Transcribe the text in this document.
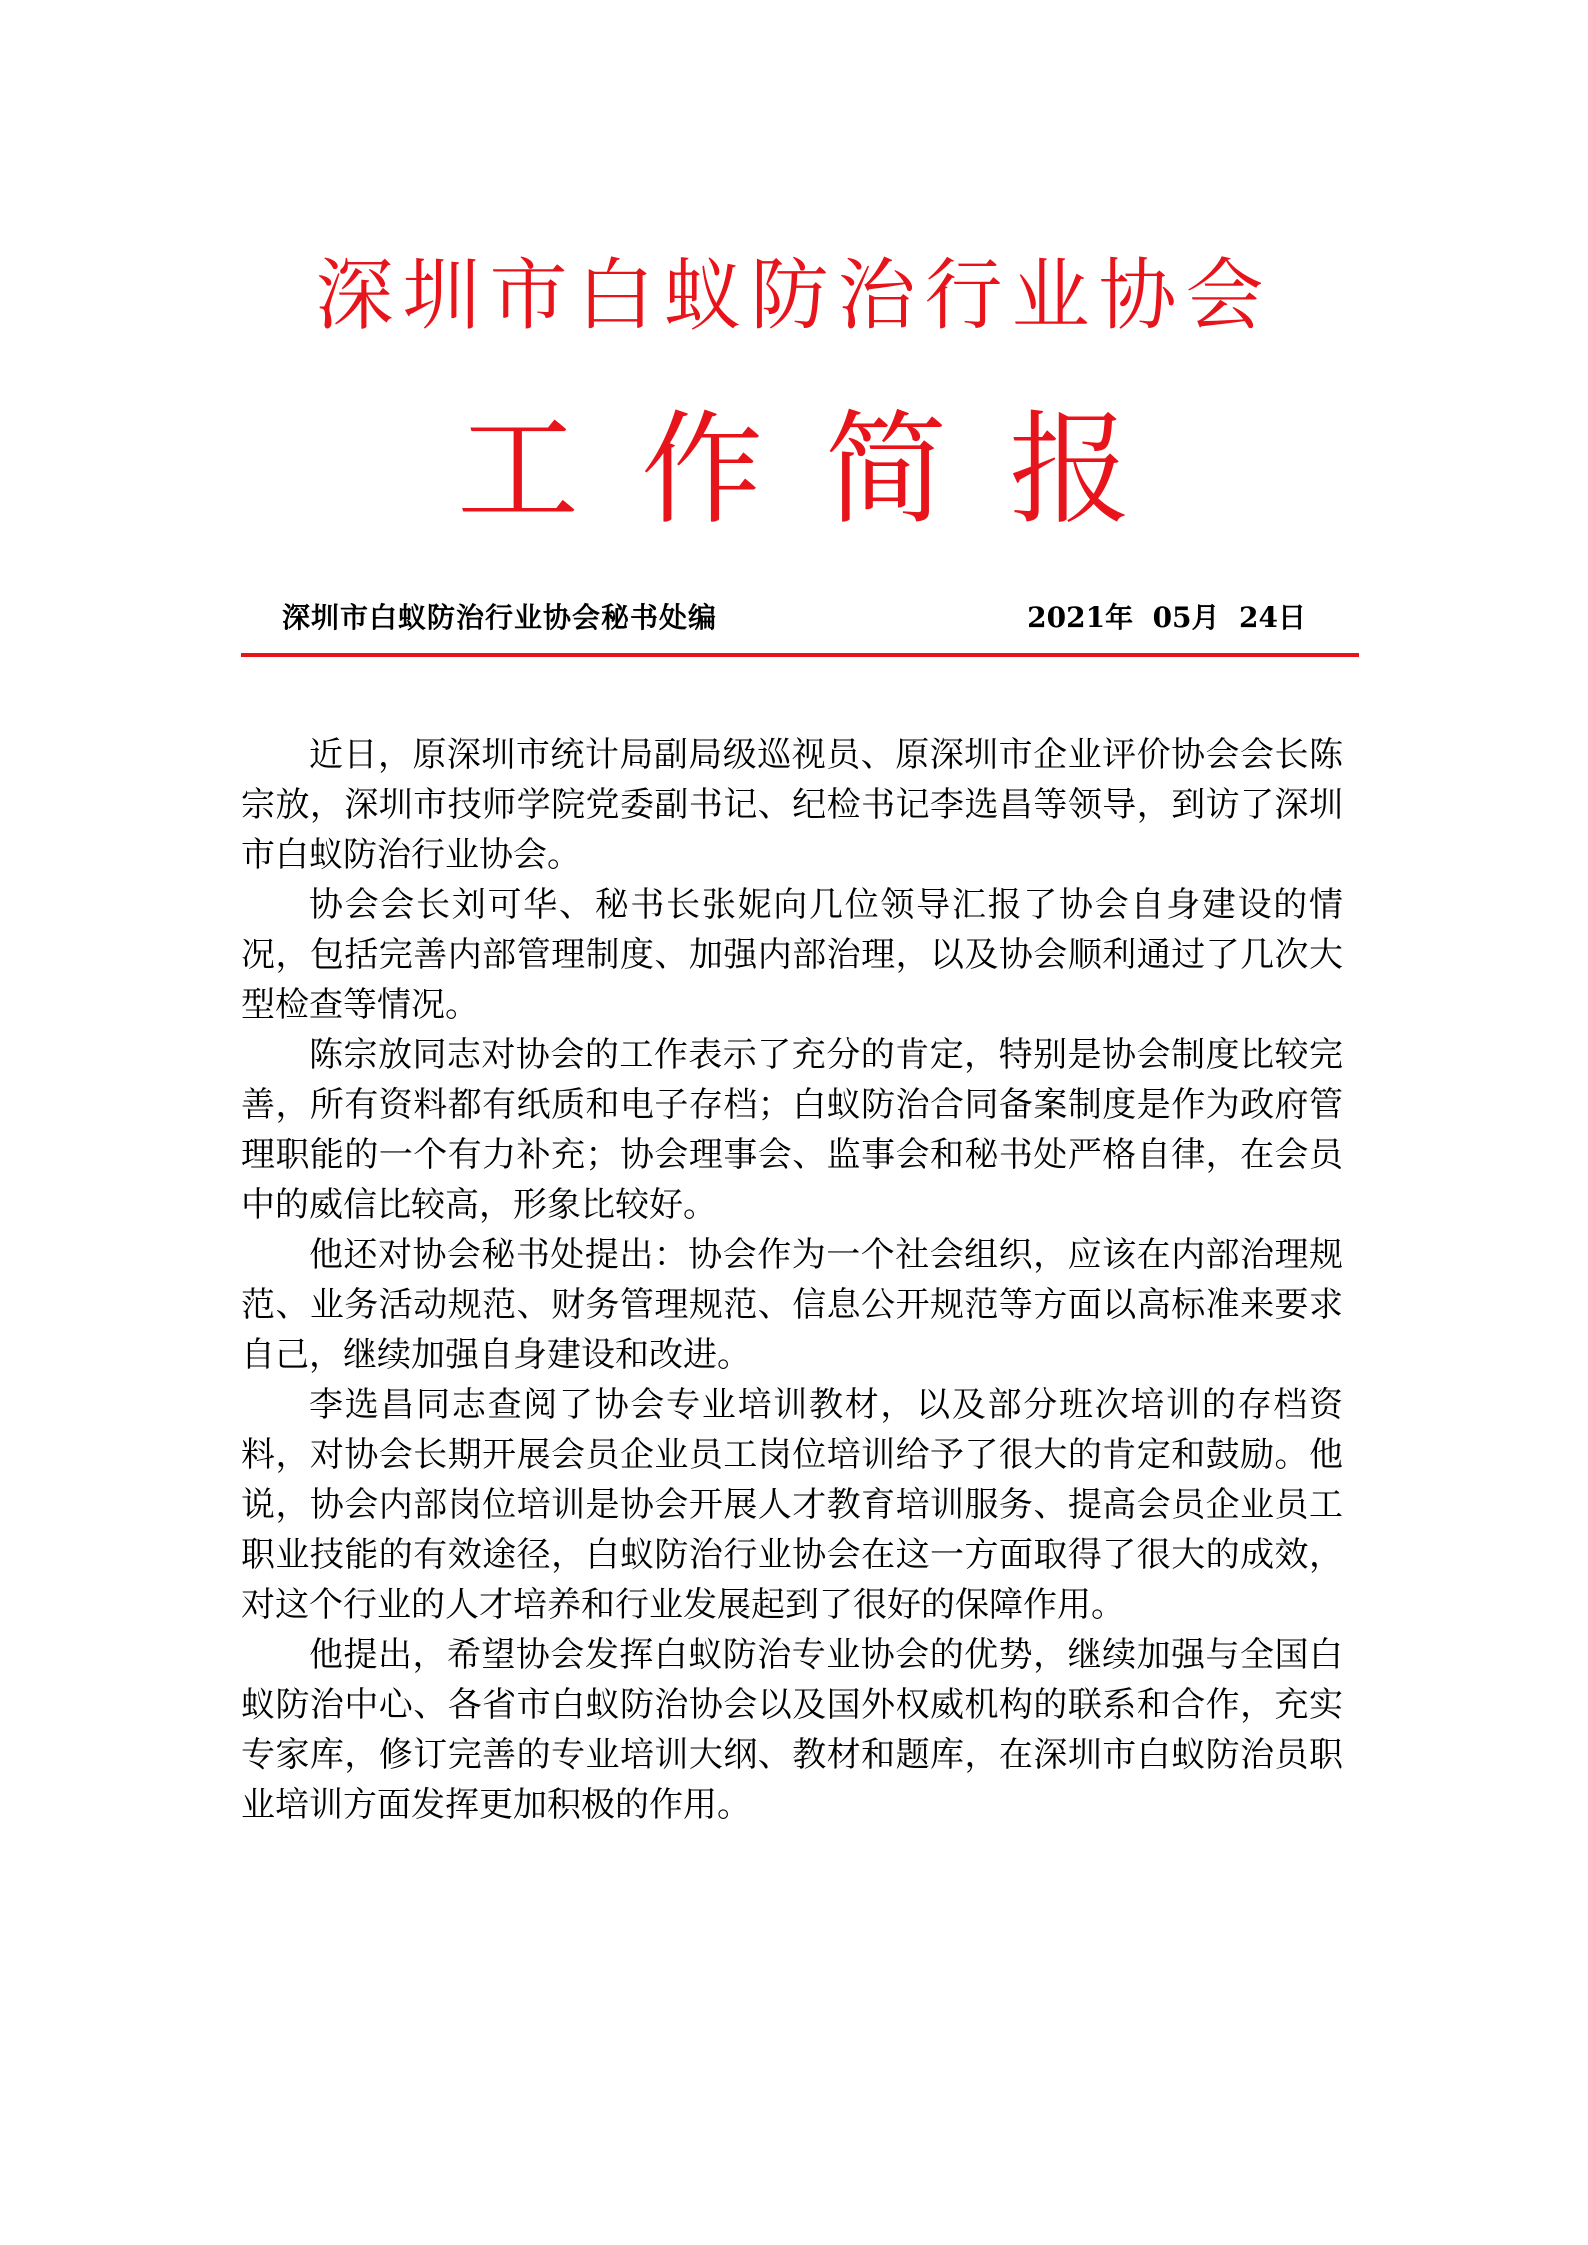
深圳市白蚁防治行业协会
工作简报
深圳市白蚁防治行业协会秘书处编	2021年  05月  24日

近日，原深圳市统计局副局级巡视员、原深圳市企业评价协会会长陈宗放，深圳市技师学院党委副书记、纪检书记李选昌等领导，到访了深圳市白蚁防治行业协会。

协会会长刘可华、秘书长张妮向几位领导汇报了协会自身建设的情况，包括完善内部管理制度、加强内部治理，以及协会顺利通过了几次大型检查等情况。

陈宗放同志对协会的工作表示了充分的肯定，特别是协会制度比较完善，所有资料都有纸质和电子存档；白蚁防治合同备案制度是作为政府管理职能的一个有力补充；协会理事会、监事会和秘书处严格自律，在会员中的威信比较高，形象比较好。

他还对协会秘书处提出：协会作为一个社会组织，应该在内部治理规范、业务活动规范、财务管理规范、信息公开规范等方面以高标准来要求自己，继续加强自身建设和改进。

李选昌同志查阅了协会专业培训教材，以及部分班次培训的存档资料，对协会长期开展会员企业员工岗位培训给予了很大的肯定和鼓励。他说，协会内部岗位培训是协会开展人才教育培训服务、提高会员企业员工职业技能的有效途径，白蚁防治行业协会在这一方面取得了很大的成效，对这个行业的人才培养和行业发展起到了很好的保障作用。

他提出，希望协会发挥白蚁防治专业协会的优势，继续加强与全国白蚁防治中心、各省市白蚁防治协会以及国外权威机构的联系和合作，充实专家库，修订完善的专业培训大纲、教材和题库，在深圳市白蚁防治员职业培训方面发挥更加积极的作用。
